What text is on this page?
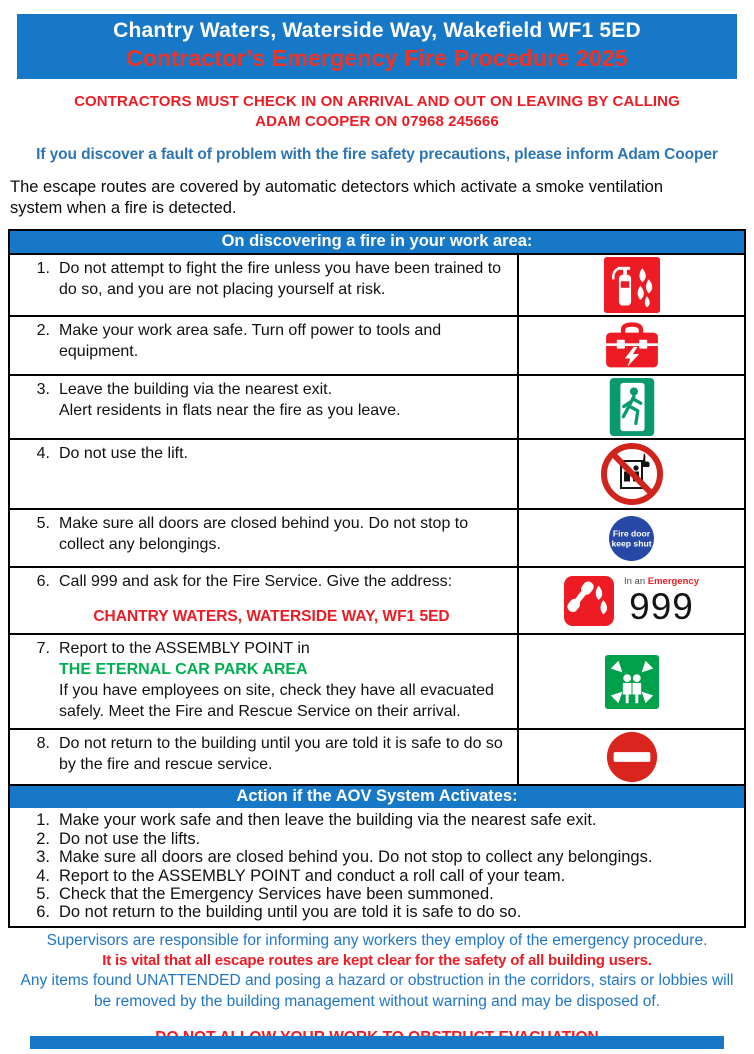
Chantry Waters, Waterside Way, Wakefield WF1 5ED
Contractor’s Emergency Fire Procedure 2025
CONTRACTORS MUST CHECK IN ON ARRIVAL AND OUT ON LEAVING BY CALLING
ADAM COOPER ON 07968 245666
If you discover a fault of problem with the fire safety precautions, please inform Adam Cooper
The escape routes are covered by automatic detectors which activate a smoke ventilation system when a fire is detected.
On discovering a fire in your work area:
1. Do not attempt to fight the fire unless you have been trained to do so, and you are not placing yourself at risk.
2. Make your work area safe. Turn off power to tools and equipment.
3. Leave the building via the nearest exit.
Alert residents in flats near the fire as you leave.
4. Do not use the lift.
5. Make sure all doors are closed behind you. Do not stop to collect any belongings.
Fire door
keep shut
6. Call 999 and ask for the Fire Service. Give the address:
CHANTRY WATERS, WATERSIDE WAY, WF1 5ED
In an Emergency
999
7. Report to the ASSEMBLY POINT in
THE ETERNAL CAR PARK AREA
If you have employees on site, check they have all evacuated safely. Meet the Fire and Rescue Service on their arrival.
8. Do not return to the building until you are told it is safe to do so by the fire and rescue service.
Action if the AOV System Activates:
1. Make your work safe and then leave the building via the nearest safe exit.
2. Do not use the lifts.
3. Make sure all doors are closed behind you. Do not stop to collect any belongings.
4. Report to the ASSEMBLY POINT and conduct a roll call of your team.
5. Check that the Emergency Services have been summoned.
6. Do not return to the building until you are told it is safe to do so.
Supervisors are responsible for informing any workers they employ of the emergency procedure.
It is vital that all escape routes are kept clear for the safety of all building users.
Any items found UNATTENDED and posing a hazard or obstruction in the corridors, stairs or lobbies will be removed by the building management without warning and may be disposed of.
